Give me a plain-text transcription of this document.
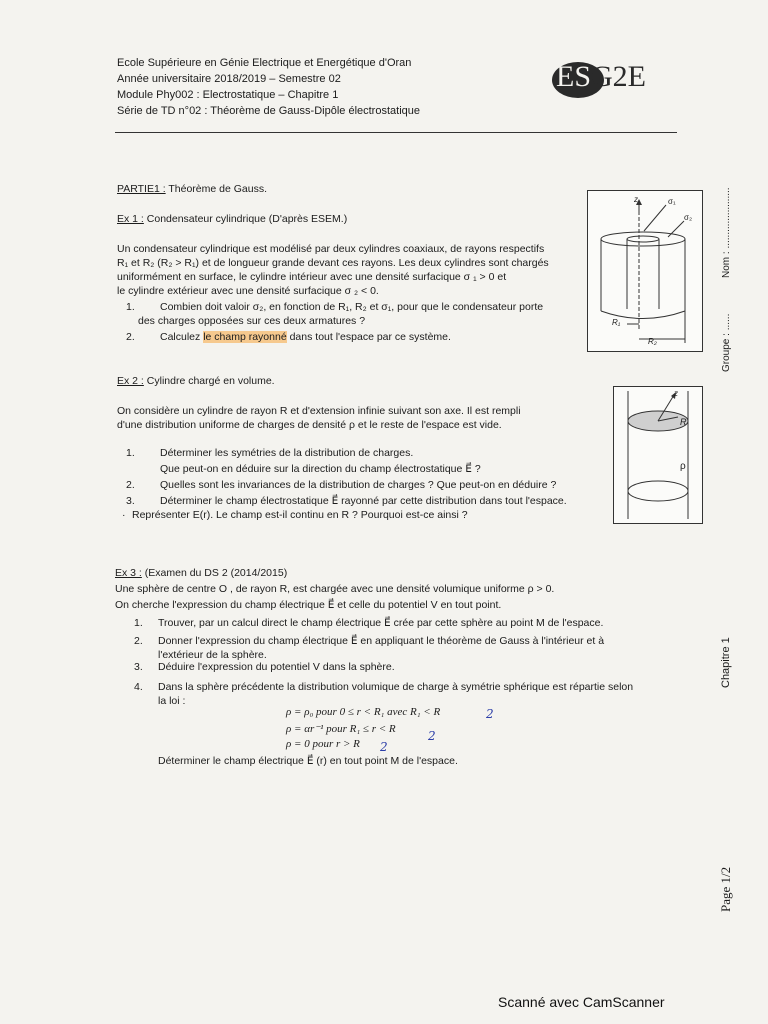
Ecole Supérieure en Génie Electrique et Energétique d'Oran
Année universitaire 2018/2019 – Semestre 02
Module Phy002 : Electrostatique – Chapitre 1
Série de TD n°02 : Théorème de Gauss-Dipôle électrostatique
ESG2E
Nom : ......................
Groupe : ......
Chapitre 1
Page 1/2
PARTIE1 : Théorème de Gauss.
Ex 1 : Condensateur cylindrique (D'après ESEM.)
Un condensateur cylindrique est modélisé par deux cylindres coaxiaux, de rayons respectifs
R₁ et R₂ (R₂ > R₁) et de longueur grande devant ces rayons. Les deux cylindres sont chargés
uniformément en surface, le cylindre intérieur avec une densité surfacique σ ₁ > 0 et
le cylindre extérieur avec une densité surfacique σ ₂ < 0.
1. Combien doit valoir σ₂, en fonction de R₁, R₂ et σ₁, pour que le condensateur porte
des charges opposées sur ces deux armatures ?
2. Calculez le champ rayonné dans tout l'espace par ce système.
z	σ₁
σ₂
R₁
R₂
Ex 2 : Cylindre chargé en volume.
On considère un cylindre de rayon R et d'extension infinie suivant son axe. Il est rempli
d'une distribution uniforme de charges de densité ρ et le reste de l'espace est vide.
1. Déterminer les symétries de la distribution de charges.
Que peut-on en déduire sur la direction du champ électrostatique E⃗ ?
2. Quelles sont les invariances de la distribution de charges ? Que peut-on en déduire ?
3. Déterminer le champ électrostatique E⃗ rayonné par cette distribution dans tout l'espace.
· Représenter E(r). Le champ est-il continu en R ? Pourquoi est-ce ainsi ?
z
R
ρ
Ex 3 : (Examen du DS 2 (2014/2015)
Une sphère de centre O , de rayon R, est chargée avec une densité volumique uniforme ρ > 0.
On cherche l'expression du champ électrique E⃗ et celle du potentiel V en tout point.
1. Trouver, par un calcul direct le champ électrique E⃗ crée par cette sphère au point M de l'espace.
2. Donner l'expression du champ électrique E⃗ en appliquant le théorème de Gauss à l'intérieur et à
l'extérieur de la sphère.
3. Déduire l'expression du potentiel V dans la sphère.
4. Dans la sphère précédente la distribution volumique de charge à symétrie sphérique est répartie selon
la loi :
ρ = ρ₀ pour 0 ≤ r < R₁ avec R₁ < R	2
ρ = αr⁻¹ pour R₁ ≤ r < R	2
ρ = 0 pour r > R 2
Déterminer le champ électrique E⃗ (r) en tout point M de l'espace.
Scanné avec CamScanner
